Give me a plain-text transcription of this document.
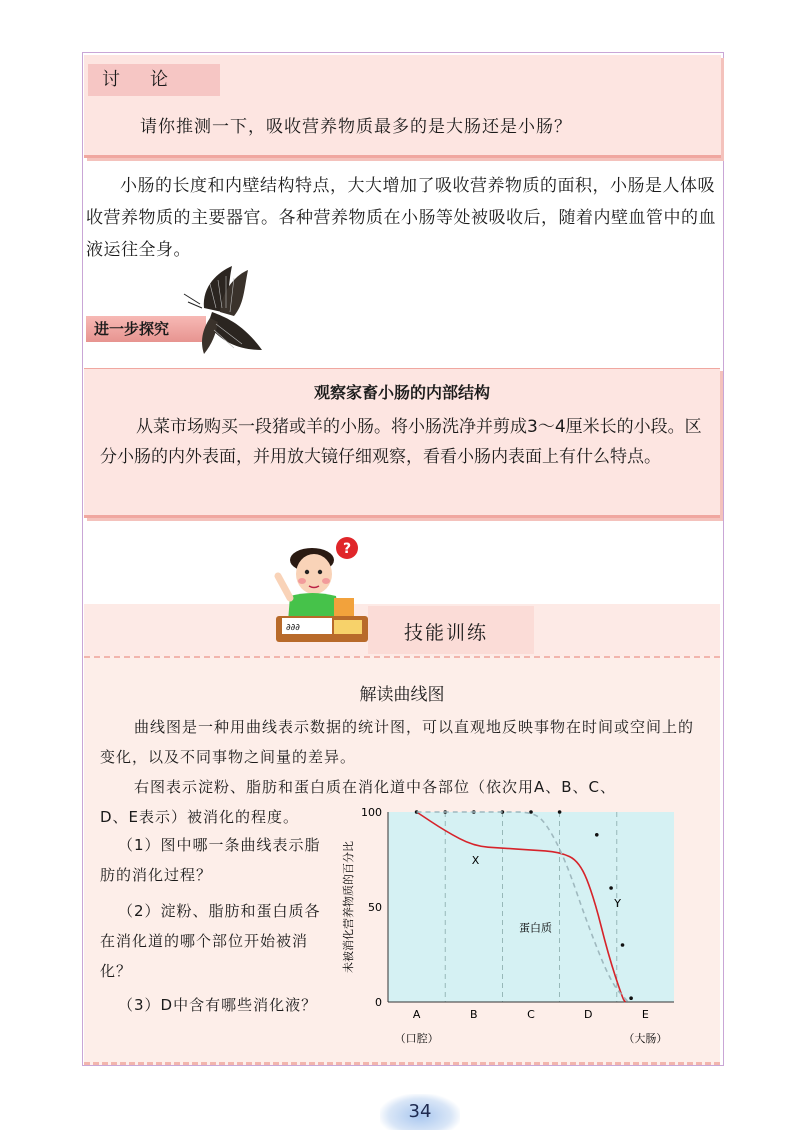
讨论
请你推测一下，吸收营养物质最多的是大肠还是小肠？
小肠的长度和内壁结构特点，大大增加了吸收营养物质的面积，小肠是人体吸收营养物质的主要器官。各种营养物质在小肠等处被吸收后，随着内壁血管中的血液运往全身。
进一步探究
观察家畜小肠的内部结构
从菜市场购买一段猪或羊的小肠。将小肠洗净并剪成3～4厘米长的小段。区分小肠的内外表面，并用放大镜仔细观察，看看小肠内表面上有什么特点。
?
∂∂∂	技能训练
解读曲线图
曲线图是一种用曲线表示数据的统计图，可以直观地反映事物在时间或空间上的变化，以及不同事物之间量的差异。
右图表示淀粉、脂肪和蛋白质在消化道中各部位（依次用A、B、C、
D、E表示）被消化的程度。
（1）图中哪一条曲线表示脂肪的消化过程？
（2）淀粉、脂肪和蛋白质各在消化道的哪个部位开始被消化？
（3）D中含有哪些消化液？	0
50
100
A
（口腔）
B	C	D	E
（大肠）
X
Y
蛋白质
未被消化营养物质的百分比
34
